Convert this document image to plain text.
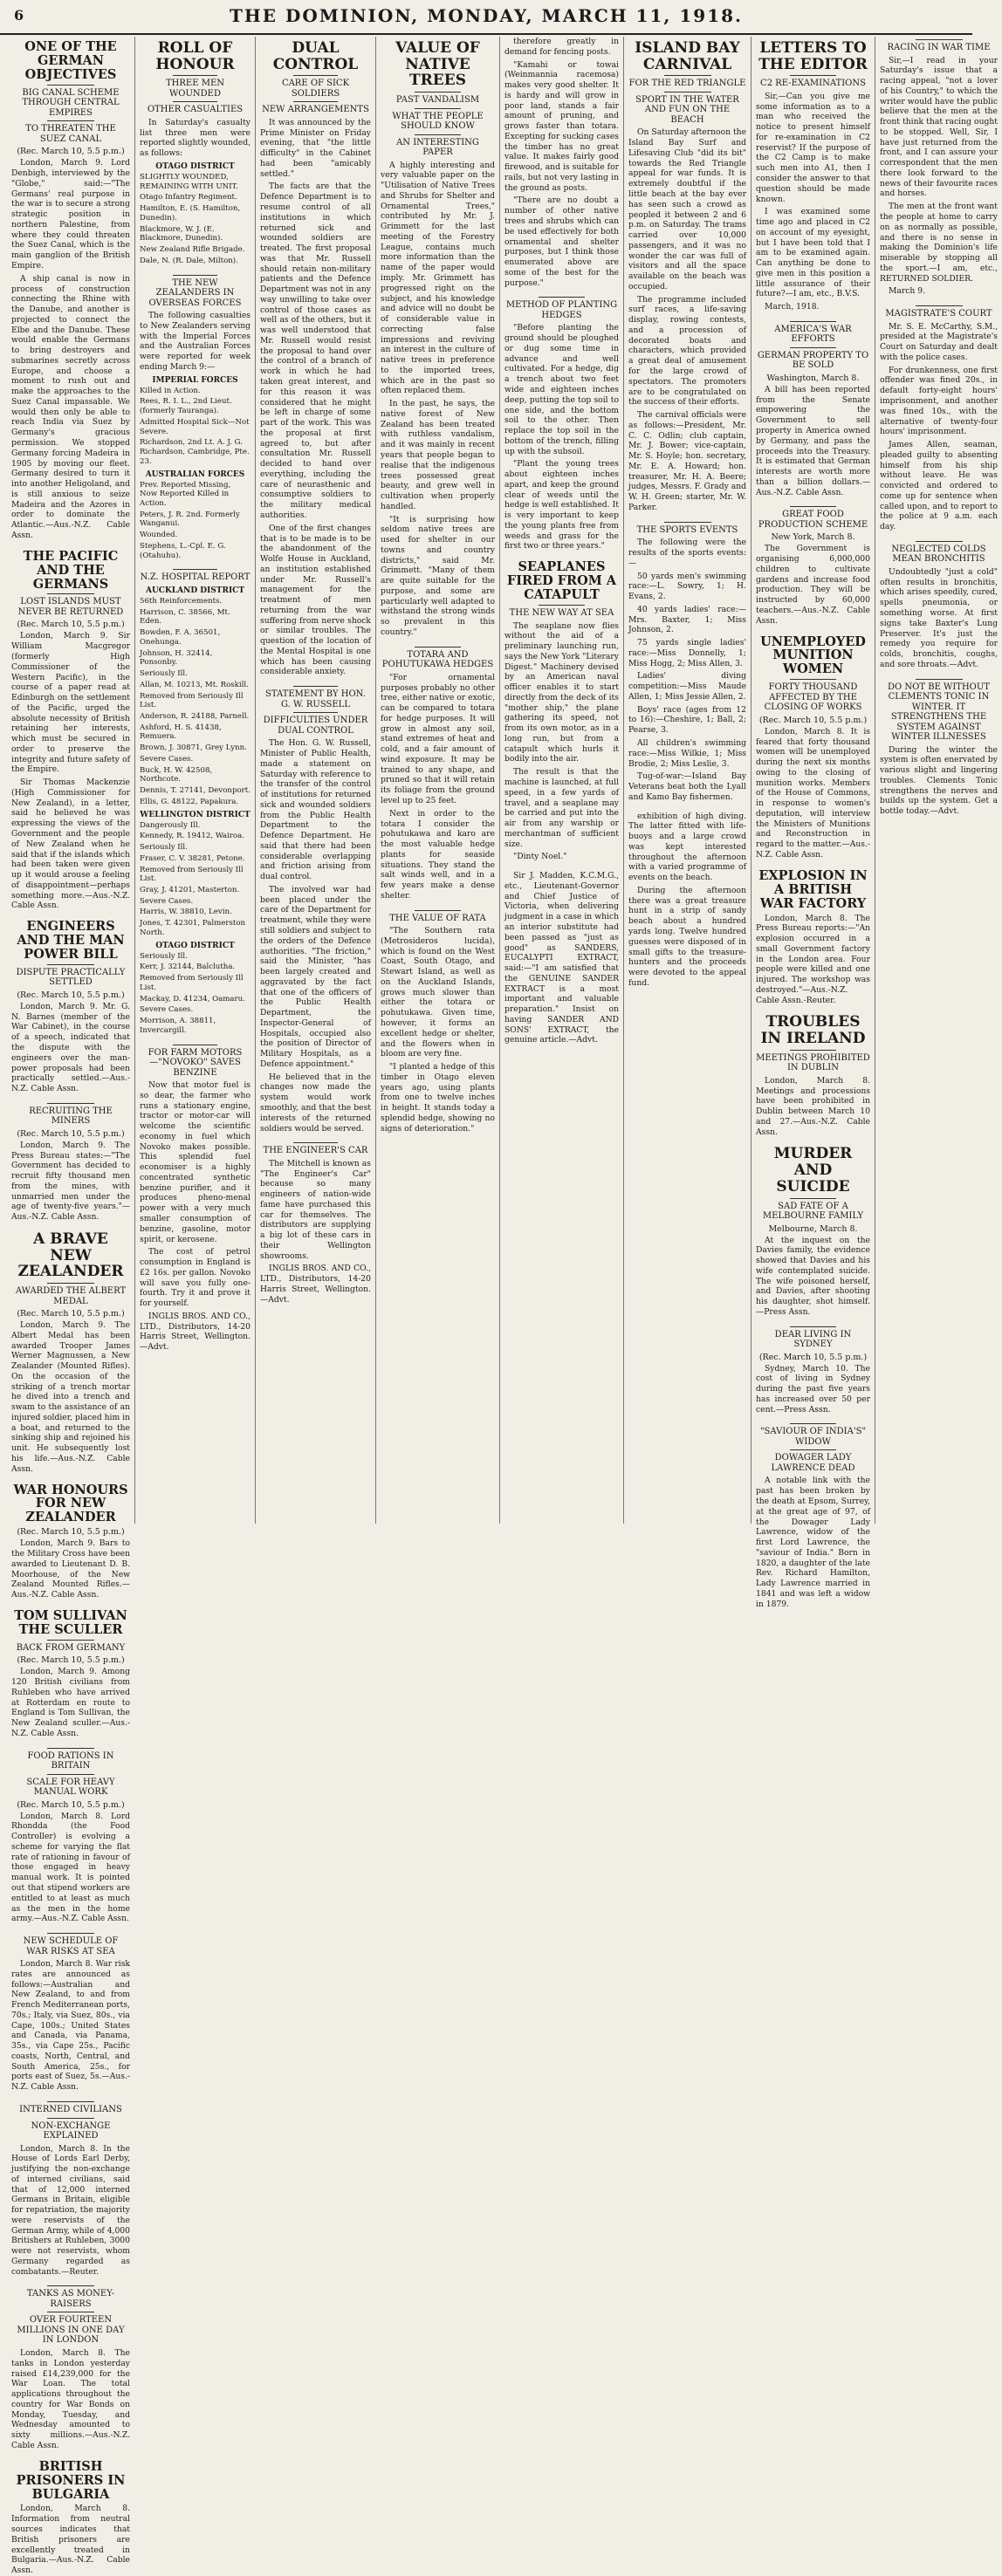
6	THE DOMINION, MONDAY, MARCH 11, 1918.
ONE OF THE GERMAN OBJECTIVES
BIG CANAL SCHEME THROUGH CENTRAL EMPIRES
TO THREATEN THE SUEZ CANAL
(Rec. March 10, 5.5 p.m.)

London, March 9. Lord Denbigh, interviewed by the "Globe," said:—"The Germans' real purpose in the war is to secure a strong strategic position in northern Palestine, from where they could threaten the Suez Canal, which is the main ganglion of the British Empire.

A ship canal is now in process of construction connecting the Rhine with the Danube, and another is projected to connect the Elbe and the Danube. These would enable the Germans to bring destroyers and submarines secretly across Europe, and choose a moment to rush out and make the approaches to the Suez Canal impassable. We would then only be able to reach India via Suez by Germany's gracious permission. We stopped Germany forcing Madeira in 1905 by moving our fleet. Germany desired to turn it into another Heligoland, and is still anxious to seize Madeira and the Azores in order to dominate the Atlantic.—Aus.-N.Z. Cable Assn.

THE PACIFIC AND THE GERMANS
LOST ISLANDS MUST NEVER BE RETURNED
(Rec. March 10, 5.5 p.m.)

London, March 9. Sir William Macgregor (formerly High Commissioner of the Western Pacific), in the course of a paper read at Edinburgh on the settlement of the Pacific, urged the absolute necessity of British retaining her interests, which must be secured in order to preserve the integrity and future safety of the Empire.

Sir Thomas Mackenzie (High Commissioner for New Zealand), in a letter, said he believed he was expressing the views of the Government and the people of New Zealand when he said that if the islands which had been taken were given up it would arouse a feeling of disappointment—perhaps something more.—Aus.-N.Z. Cable Assn.

ENGINEERS AND THE MAN POWER BILL
DISPUTE PRACTICALLY SETTLED
(Rec. March 10, 5.5 p.m.)

London, March 9. Mr. G. N. Barnes (member of the War Cabinet), in the course of a speech, indicated that the dispute with the engineers over the man-power proposals had been practically settled.—Aus.-N.Z. Cable Assn.

RECRUITING THE MINERS
(Rec. March 10, 5.5 p.m.)

London, March 9. The Press Bureau states:—"The Government has decided to recruit fifty thousand men from the mines, with unmarried men under the age of twenty-five years."—Aus.-N.Z. Cable Assn.

A BRAVE NEW ZEALANDER
AWARDED THE ALBERT MEDAL
(Rec. March 10, 5.5 p.m.)

London, March 9. The Albert Medal has been awarded Trooper James Werner Magnussen, a New Zealander (Mounted Rifles). On the occasion of the striking of a trench mortar he dived into a trench and swam to the assistance of an injured soldier, placed him in a boat, and returned to the sinking ship and rejoined his unit. He subsequently lost his life.—Aus.-N.Z. Cable Assn.

WAR HONOURS FOR NEW ZEALANDER
(Rec. March 10, 5.5 p.m.)

London, March 9. Bars to the Military Cross have been awarded to Lieutenant D. B. Moorhouse, of the New Zealand Mounted Rifles.—Aus.-N.Z. Cable Assn.

TOM SULLIVAN THE SCULLER
BACK FROM GERMANY
(Rec. March 10, 5.5 p.m.)

London, March 9. Among 120 British civilians from Ruhleben who have arrived at Rotterdam en route to England is Tom Sullivan, the New Zealand sculler.—Aus.-N.Z. Cable Assn.

FOOD RATIONS IN BRITAIN
SCALE FOR HEAVY MANUAL WORK
(Rec. March 10, 5.5 p.m.)

London, March 8. Lord Rhondda (the Food Controller) is evolving a scheme for varying the flat rate of rationing in favour of those engaged in heavy manual work. It is pointed out that stipend workers are entitled to at least as much as the men in the home army.—Aus.-N.Z. Cable Assn.

NEW SCHEDULE OF WAR RISKS AT SEA

London, March 8. War risk rates are announced as follows:—Australian and New Zealand, to and from French Mediterranean ports, 70s.; Italy, via Suez, 80s., via Cape, 100s.; United States and Canada, via Panama, 35s., via Cape 25s., Pacific coasts, North, Central, and South America, 25s., for ports east of Suez, 5s.—Aus.-N.Z. Cable Assn.

INTERNED CIVILIANS
NON-EXCHANGE EXPLAINED

London, March 8. In the House of Lords Earl Derby, justifying the non-exchange of interned civilians, said that of 12,000 interned Germans in Britain, eligible for repatriation, the majority were reservists of the German Army, while of 4,000 Britishers at Ruhleben, 3000 were not reservists, whom Germany regarded as combatants.—Reuter.

TANKS AS MONEY-RAISERS
OVER FOURTEEN MILLIONS IN ONE DAY IN LONDON

London, March 8. The tanks in London yesterday raised £14,239,000 for the War Loan. The total applications throughout the country for War Bonds on Monday, Tuesday, and Wednesday amounted to sixty millions.—Aus.-N.Z. Cable Assn.

BRITISH PRISONERS IN BULGARIA

London, March 8. Information from neutral sources indicates that British prisoners are excellently treated in Bulgaria.—Aus.-N.Z. Cable Assn.

ROLL OF HONOUR
THREE MEN WOUNDED
OTHER CASUALTIES

In Saturday's casualty list three men were reported slightly wounded, as follows:

OTAGO DISTRICT
SLIGHTLY WOUNDED, REMAINING WITH UNIT.
Otago Infantry Regiment.
Hamilton, E. (S. Hamilton, Dunedin).
Blackmore, W. J. (E. Blackmore, Dunedin).
New Zealand Rifle Brigade.
Dale, N. (R. Dale, Milton).
THE NEW ZEALANDERS IN OVERSEAS FORCES

The following casualties to New Zealanders serving with the Imperial Forces and the Australian Forces were reported for week ending March 9:—

IMPERIAL FORCES
Killed in Action.
Rees, R. I. L., 2nd Lieut. (formerly Tauranga).
Admitted Hospital Sick—Not Severe.
Richardson, 2nd Lt. A. J. G. Richardson, Cambridge, Pte. 23.
AUSTRALIAN FORCES
Prev. Reported Missing, Now Reported Killed in Action.
Peters, J. R. 2nd. Formerly Wanganui.
Wounded.
Stephens, L.-Cpl. E. G. (Otahuhu).
N.Z. HOSPITAL REPORT
AUCKLAND DISTRICT
56th Reinforcements.
Harrison, C. 38566, Mt. Eden.
Bowden, F. A. 36501, Onehunga.
Johnson, H. 32414, Ponsonby.
Seriously Ill.
Allan, M. 10213, Mt. Roskill.
Removed from Seriously Ill List.
Anderson, R. 24188, Parnell.
Ashford, H. S. 41438, Remuera.
Brown, J. 30871, Grey Lynn.
Severe Cases.
Buck, H. W. 42508, Northcote.
Dennis, T. 27141, Devonport.
Ellis, G. 48122, Papakura.
WELLINGTON DISTRICT
Dangerously Ill.
Kennedy, R. 19412, Wairoa.
Seriously Ill.
Fraser, C. V. 38281, Petone.
Removed from Seriously Ill List.
Gray, J. 41201, Masterton.
Severe Cases.
Harris, W. 38810, Levin.
Jones, T. 42301, Palmerston North.
OTAGO DISTRICT
Seriously Ill.
Kerr, J. 32144, Balclutha.
Removed from Seriously Ill List.
Mackay, D. 41234, Oamaru.
Severe Cases.
Morrison, A. 38811, Invercargill.
FOR FARM MOTORS—"NOVOKO" SAVES BENZINE

Now that motor fuel is so dear, the farmer who runs a stationary engine, tractor or motor-car will welcome the scientific economy in fuel which Novoko makes possible. This splendid fuel economiser is a highly concentrated synthetic benzine purifier, and it produces pheno-menal power with a very much smaller consumption of benzine, gasoline, motor spirit, or kerosene.

The cost of petrol consumption in England is £2 16s. per gallon. Novoko will save you fully one-fourth. Try it and prove it for yourself.

INGLIS BROS. AND CO., LTD., Distributors, 14-20 Harris Street, Wellington.—Advt.

DUAL CONTROL
CARE OF SICK SOLDIERS
NEW ARRANGEMENTS

It was announced by the Prime Minister on Friday evening, that "the little difficulty" in the Cabinet had been "amicably settled."

The facts are that the Defence Department is to resume control of all institutions in which returned sick and wounded soldiers are treated. The first proposal was that Mr. Russell should retain non-military patients and the Defence Department was not in any way unwilling to take over control of those cases as well as of the others, but it was well understood that Mr. Russell would resist the proposal to hand over the control of a branch of work in which he had taken great interest, and for this reason it was considered that he might be left in charge of some part of the work. This was the proposal at first agreed to, but after consultation Mr. Russell decided to hand over everything, including the care of neurasthenic and consumptive soldiers to the military medical authorities.

One of the first changes that is to be made is to be the abandonment of the Wolfe House in Auckland, an institution established under Mr. Russell's management for the treatment of men returning from the war suffering from nerve shock or similar troubles. The question of the location of the Mental Hospital is one which has been causing considerable anxiety.

STATEMENT BY HON. G. W. RUSSELL
DIFFICULTIES UNDER DUAL CONTROL

The Hon. G. W. Russell, Minister of Public Health, made a statement on Saturday with reference to the transfer of the control of institutions for returned sick and wounded soldiers from the Public Health Department to the Defence Department. He said that there had been considerable overlapping and friction arising from dual control.

The involved war had been placed under the care of the Department for treatment, while they were still soldiers and subject to the orders of the Defence authorities. "The friction," said the Minister, "has been largely created and aggravated by the fact that one of the officers of the Public Health Department, the Inspector-General of Hospitals, occupied also the position of Director of Military Hospitals, as a Defence appointment."

He believed that in the changes now made the system would work smoothly, and that the best interests of the returned soldiers would be served.

THE ENGINEER'S CAR

The Mitchell is known as "The Engineer's Car" because so many engineers of nation-wide fame have purchased this car for themselves. The distributors are supplying a big lot of these cars in their Wellington showrooms.

INGLIS BROS. AND CO., LTD., Distributors, 14-20 Harris Street, Wellington.—Advt.

VALUE OF NATIVE TREES
PAST VANDALISM
WHAT THE PEOPLE SHOULD KNOW
AN INTERESTING PAPER

A highly interesting and very valuable paper on the "Utilisation of Native Trees and Shrubs for Shelter and Ornamental Trees," contributed by Mr. J. Grimmett for the last meeting of the Forestry League, contains much more information than the name of the paper would imply. Mr. Grimmett has progressed right on the subject, and his knowledge and advice will no doubt be of considerable value in correcting false impressions and reviving an interest in the culture of native trees in preference to the imported trees, which are in the past so often replaced them.

In the past, he says, the native forest of New Zealand has been treated with ruthless vandalism, and it was mainly in recent years that people began to realise that the indigenous trees possessed great beauty, and grew well in cultivation when properly handled.

"It is surprising how seldom native trees are used for shelter in our towns and country districts," said Mr. Grimmett. "Many of them are quite suitable for the purpose, and some are particularly well adapted to withstand the strong winds so prevalent in this country."

TOTARA AND POHUTUKAWA HEDGES

"For ornamental purposes probably no other tree, either native or exotic, can be compared to totara for hedge purposes. It will grow in almost any soil, stand extremes of heat and cold, and a fair amount of wind exposure. It may be trained to any shape, and pruned so that it will retain its foliage from the ground level up to 25 feet.

Next in order to the totara I consider the pohutukawa and karo are the most valuable hedge plants for seaside situations. They stand the salt winds well, and in a few years make a dense shelter.

THE VALUE OF RATA

"The Southern rata (Metrosideros lucida), which is found on the West Coast, South Otago, and Stewart Island, as well as on the Auckland Islands, grows much slower than either the totara or pohutukawa. Given time, however, it forms an excellent hedge or shelter, and the flowers when in bloom are very fine.

"I planted a hedge of this timber in Otago eleven years ago, using plants from one to twelve inches in height. It stands today a splendid hedge, showing no signs of deterioration."

therefore greatly in demand for fencing posts.

"Kamahi or towai (Weinmannia racemosa) makes very good shelter. It is hardy and will grow in poor land, stands a fair amount of pruning, and grows faster than totara. Excepting for sucking cases the timber has no great value. It makes fairly good firewood, and is suitable for rails, but not very lasting in the ground as posts.

"There are no doubt a number of other native trees and shrubs which can be used effectively for both ornamental and shelter purposes, but I think those enumerated above are some of the best for the purpose."

METHOD OF PLANTING HEDGES

"Before planting the ground should be ploughed or dug some time in advance and well cultivated. For a hedge, dig a trench about two feet wide and eighteen inches deep, putting the top soil to one side, and the bottom soil to the other. Then replace the top soil in the bottom of the trench, filling up with the subsoil.

"Plant the young trees about eighteen inches apart, and keep the ground clear of weeds until the hedge is well established. It is very important to keep the young plants free from weeds and grass for the first two or three years."

SEAPLANES FIRED FROM A CATAPULT
THE NEW WAY AT SEA

The seaplane now flies without the aid of a preliminary launching run, says the New York "Literary Digest." Machinery devised by an American naval officer enables it to start directly from the deck of its "mother ship," the plane gathering its speed, not from its own motor, as in a long run, but from a catapult which hurls it bodily into the air.

The result is that the machine is launched, at full speed, in a few yards of travel, and a seaplane may be carried and put into the air from any warship or merchantman of sufficient size.

"Dinty Noel."

Sir J. Madden, K.C.M.G., etc., Lieutenant-Governor and Chief Justice of Victoria, when delivering judgment in a case in which an interior substitute had been passed as "just as good" as SANDERS, EUCALYPTI EXTRACT, said:—"I am satisfied that the GENUINE SANDER EXTRACT is a most important and valuable preparation." Insist on having SANDER AND SONS' EXTRACT, the genuine article.—Advt.

ISLAND BAY CARNIVAL
FOR THE RED TRIANGLE
SPORT IN THE WATER AND FUN ON THE BEACH

On Saturday afternoon the Island Bay Surf and Lifesaving Club "did its bit" towards the Red Triangle appeal for war funds. It is extremely doubtful if the little beach at the bay ever has seen such a crowd as peopled it between 2 and 6 p.m. on Saturday. The trams carried over 10,000 passengers, and it was no wonder the car was full of visitors and all the space available on the beach was occupied.

The programme included surf races, a life-saving display, rowing contests, and a procession of decorated boats and characters, which provided a great deal of amusement for the large crowd of spectators. The promoters are to be congratulated on the success of their efforts.

The carnival officials were as follows:—President, Mr. C. C. Odlin; club captain, Mr. J. Bower; vice-captain, Mr. S. Hoyle; hon. secretary, Mr. E. A. Howard; hon. treasurer, Mr. H. A. Beere; judges, Messrs. F. Grady and W. H. Green; starter, Mr. W. Parker.

THE SPORTS EVENTS

The following were the results of the sports events:—

50 yards men's swimming race:—L. Sowry, 1; H. Evans, 2.

40 yards ladies' race:—Mrs. Baxter, 1; Miss Johnson, 2.

75 yards single ladies' race:—Miss Donnelly, 1; Miss Hogg, 2; Miss Allen, 3.

Ladies' diving competition:—Miss Maude Allen, 1; Miss Jessie Allen, 2.

Boys' race (ages from 12 to 16):—Cheshire, 1; Ball, 2; Pearse, 3.

All children's swimming race:—Miss Wilkie, 1; Miss Brodie, 2; Miss Leslie, 3.

Tug-of-war:—Island Bay Veterans beat both the Lyall and Kamo Bay fishermen.

exhibition of high diving. The latter fitted with life-buoys and a large crowd was kept interested throughout the afternoon with a varied programme of events on the beach.

During the afternoon there was a great treasure hunt in a strip of sandy beach about a hundred yards long. Twelve hundred guesses were disposed of in small gifts to the treasure-hunters and the proceeds were devoted to the appeal fund.

LETTERS TO THE EDITOR
C2 RE-EXAMINATIONS

Sir,—Can you give me some information as to a man who received the notice to present himself for re-examination in C2 reservist? If the purpose of the C2 Camp is to make such men into A1, then I consider the answer to that question should be made known.

I was examined some time ago and placed in C2 on account of my eyesight, but I have been told that I am to be examined again. Can anything be done to give men in this position a little assurance of their future?—I am, etc., B.V.S.

March, 1918.

AMERICA'S WAR EFFORTS
GERMAN PROPERTY TO BE SOLD
Washington, March 8.

A bill has been reported from the Senate empowering the Government to sell property in America owned by Germany, and pass the proceeds into the Treasury. It is estimated that German interests are worth more than a billion dollars.—Aus.-N.Z. Cable Assn.

GREAT FOOD PRODUCTION SCHEME
New York, March 8.

The Government is organising 6,000,000 children to cultivate gardens and increase food production. They will be instructed by 60,000 teachers.—Aus.-N.Z. Cable Assn.

UNEMPLOYED MUNITION WOMEN
FORTY THOUSAND AFFECTED BY THE CLOSING OF WORKS
(Rec. March 10, 5.5 p.m.)

London, March 8. It is feared that forty thousand women will be unemployed during the next six months owing to the closing of munition works. Members of the House of Commons, in response to women's deputation, will interview the Ministers of Munitions and Reconstruction in regard to the matter.—Aus.-N.Z. Cable Assn.

EXPLOSION IN A BRITISH WAR FACTORY

London, March 8. The Press Bureau reports:—"An explosion occurred in a small Government factory in the London area. Four people were killed and one injured. The workshop was destroyed."—Aus.-N.Z. Cable Assn.-Reuter.

TROUBLES IN IRELAND
MEETINGS PROHIBITED IN DUBLIN

London, March 8. Meetings and processions have been prohibited in Dublin between March 10 and 27.—Aus.-N.Z. Cable Assn.

MURDER AND SUICIDE
SAD FATE OF A MELBOURNE FAMILY
Melbourne, March 8.

At the inquest on the Davies family, the evidence showed that Davies and his wife contemplated suicide. The wife poisoned herself, and Davies, after shooting his daughter, shot himself.—Press Assn.

DEAR LIVING IN SYDNEY
(Rec. March 10, 5.5 p.m.)

Sydney, March 10. The cost of living in Sydney during the past five years has increased over 50 per cent.—Press Assn.

"SAVIOUR OF INDIA'S" WIDOW
DOWAGER LADY LAWRENCE DEAD

A notable link with the past has been broken by the death at Epsom, Surrey, at the great age of 97, of the Dowager Lady Lawrence, widow of the first Lord Lawrence, the "saviour of India." Born in 1820, a daughter of the late Rev. Richard Hamilton, Lady Lawrence married in 1841 and was left a widow in 1879.

RACING IN WAR TIME

Sir,—I read in your Saturday's issue that a racing appeal, "not a lover of his Country," to which the writer would have the public believe that the men at the front think that racing ought to be stopped. Well, Sir, I have just returned from the front, and I can assure your correspondent that the men there look forward to the news of their favourite races and horses.

The men at the front want the people at home to carry on as normally as possible, and there is no sense in making the Dominion's life miserable by stopping all the sport.—I am, etc., RETURNED SOLDIER.

March 9.

MAGISTRATE'S COURT

Mr. S. E. McCarthy, S.M., presided at the Magistrate's Court on Saturday and dealt with the police cases.

For drunkenness, one first offender was fined 20s., in default forty-eight hours' imprisonment, and another was fined 10s., with the alternative of twenty-four hours' imprisonment.

James Allen, seaman, pleaded guilty to absenting himself from his ship without leave. He was convicted and ordered to come up for sentence when called upon, and to report to the police at 9 a.m. each day.

NEGLECTED COLDS MEAN BRONCHITIS

Undoubtedly "just a cold" often results in bronchitis, which arises speedily, cured, spells pneumonia, or something worse. At first signs take Baxter's Lung Preserver. It's just the remedy you require for colds, bronchitis, coughs, and sore throats.—Advt.

DO NOT BE WITHOUT CLEMENTS TONIC IN WINTER. IT STRENGTHENS THE SYSTEM AGAINST WINTER ILLNESSES

During the winter the system is often enervated by various slight and lingering troubles. Clements Tonic strengthens the nerves and builds up the system. Get a bottle today.—Advt.
